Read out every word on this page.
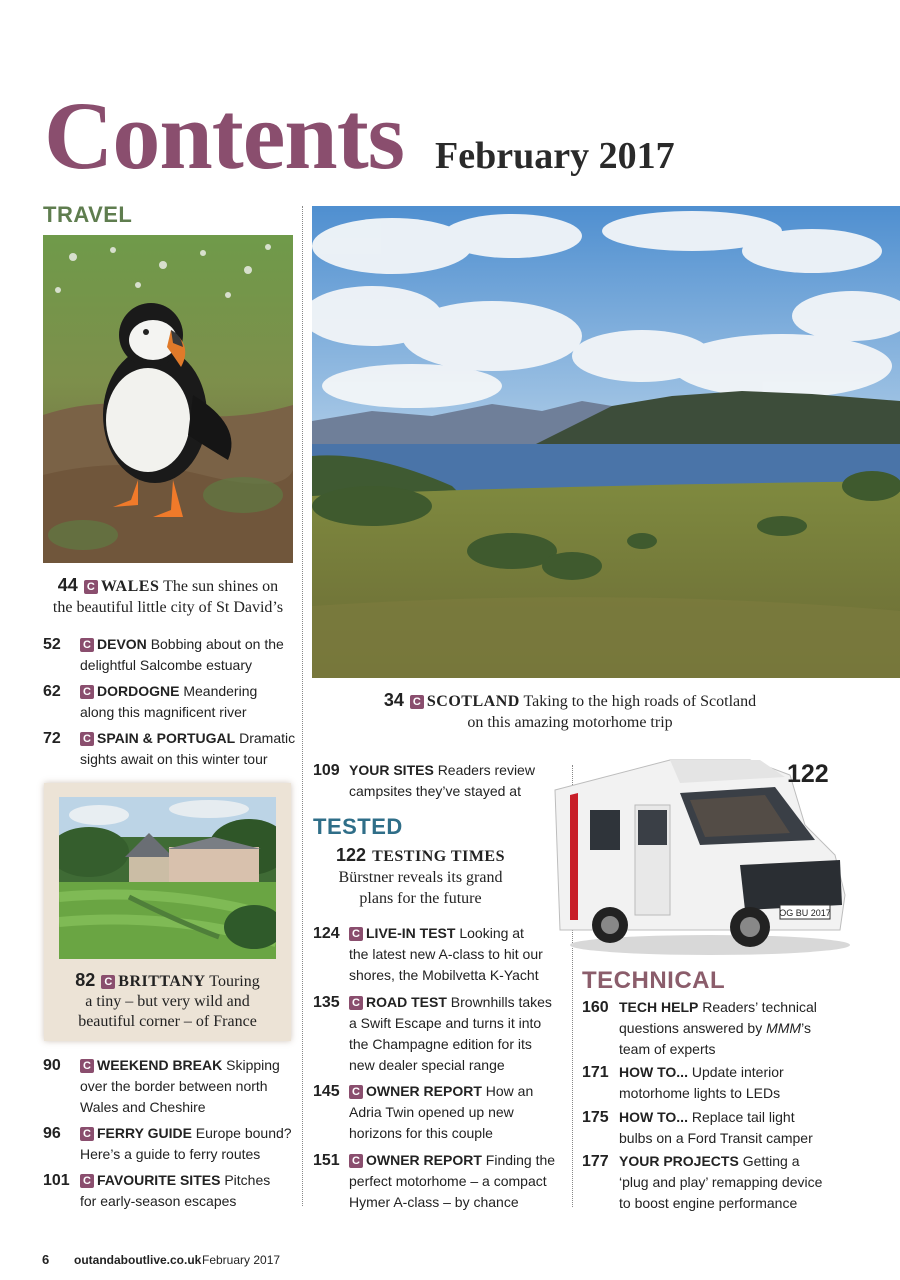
Contents February 2017
TRAVEL
TESTED
TECHNICAL
44 C WALES The sun shines on
the beautiful little city of St David’s
52 C DEVON Bobbing about on the
delightful Salcombe estuary
62 C DORDOGNE Meandering
along this magnificent river
72 C SPAIN & PORTUGAL Dramatic
sights await on this winter tour
82 C BRITTANY Touring
a tiny – but very wild and
beautiful corner – of France
90 C WEEKEND BREAK Skipping
over the border between north
Wales and Cheshire
96 C FERRY GUIDE Europe bound?
Here’s a guide to ferry routes
101 C FAVOURITE SITES Pitches
for early-season escapes
34 C SCOTLAND Taking to the high roads of Scotland
on this amazing motorhome trip
109 YOUR SITES Readers review
campsites they’ve stayed at
122 TESTING TIMES
Bürstner reveals its grand
plans for the future
124 C LIVE-IN TEST Looking at
the latest new A-class to hit our
shores, the Mobilvetta K-Yacht
135 C ROAD TEST Brownhills takes
a Swift Escape and turns it into
the Champagne edition for its
new dealer special range
145 C OWNER REPORT How an
Adria Twin opened up new
horizons for this couple
151 C OWNER REPORT Finding the
perfect motorhome – a compact
Hymer A-class – by chance
OG BU 2017
122
160 TECH HELP Readers’ technical
questions answered by MMM’s
team of experts
171 HOW TO... Update interior
motorhome lights to LEDs
175 HOW TO... Replace tail light
bulbs on a Ford Transit camper
177 YOUR PROJECTS Getting a
‘plug and play’ remapping device
to boost engine performance
6 outandaboutlive.co.uk February 2017
